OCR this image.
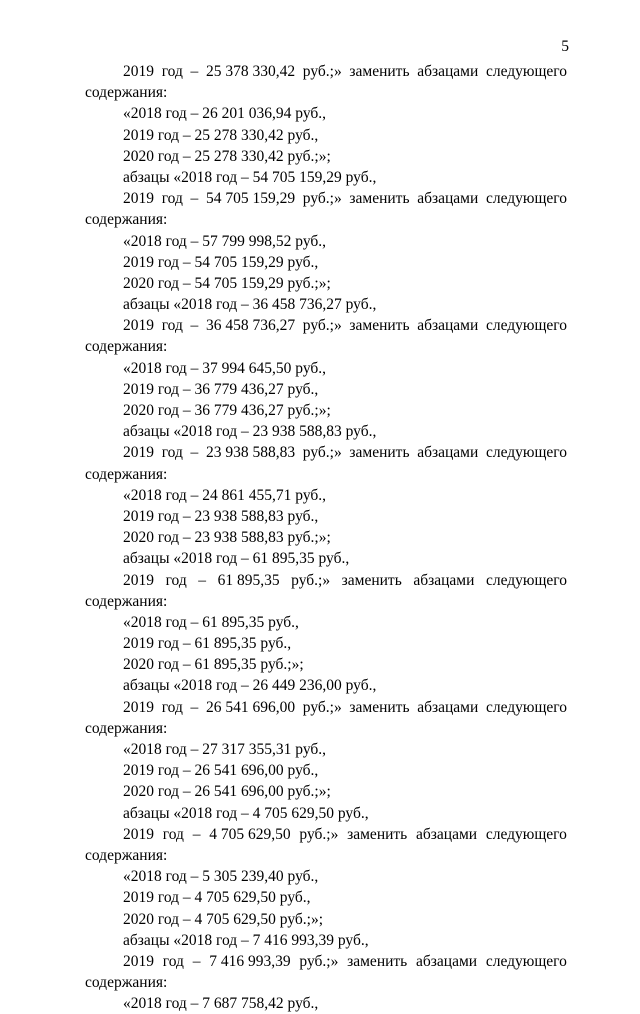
5
2019 год – 25 378 330,42 руб.;» заменить абзацами следующего
содержания:
«2018 год – 26 201 036,94 руб.,
2019 год – 25 278 330,42 руб.,
2020 год – 25 278 330,42 руб.;»;
абзацы «2018 год – 54 705 159,29 руб.,
2019 год – 54 705 159,29 руб.;» заменить абзацами следующего
содержания:
«2018 год – 57 799 998,52 руб.,
2019 год – 54 705 159,29 руб.,
2020 год – 54 705 159,29 руб.;»;
абзацы «2018 год – 36 458 736,27 руб.,
2019 год – 36 458 736,27 руб.;» заменить абзацами следующего
содержания:
«2018 год – 37 994 645,50 руб.,
2019 год – 36 779 436,27 руб.,
2020 год – 36 779 436,27 руб.;»;
абзацы «2018 год – 23 938 588,83 руб.,
2019 год – 23 938 588,83 руб.;» заменить абзацами следующего
содержания:
«2018 год – 24 861 455,71 руб.,
2019 год – 23 938 588,83 руб.,
2020 год – 23 938 588,83 руб.;»;
абзацы «2018 год – 61 895,35 руб.,
2019 год – 61 895,35 руб.;» заменить абзацами следующего
содержания:
«2018 год – 61 895,35 руб.,
2019 год – 61 895,35 руб.,
2020 год – 61 895,35 руб.;»;
абзацы «2018 год – 26 449 236,00 руб.,
2019 год – 26 541 696,00 руб.;» заменить абзацами следующего
содержания:
«2018 год – 27 317 355,31 руб.,
2019 год – 26 541 696,00 руб.,
2020 год – 26 541 696,00 руб.;»;
абзацы «2018 год – 4 705 629,50 руб.,
2019 год – 4 705 629,50 руб.;» заменить абзацами следующего
содержания:
«2018 год – 5 305 239,40 руб.,
2019 год – 4 705 629,50 руб.,
2020 год – 4 705 629,50 руб.;»;
абзацы «2018 год – 7 416 993,39 руб.,
2019 год – 7 416 993,39 руб.;» заменить абзацами следующего
содержания:
«2018 год – 7 687 758,42 руб.,
